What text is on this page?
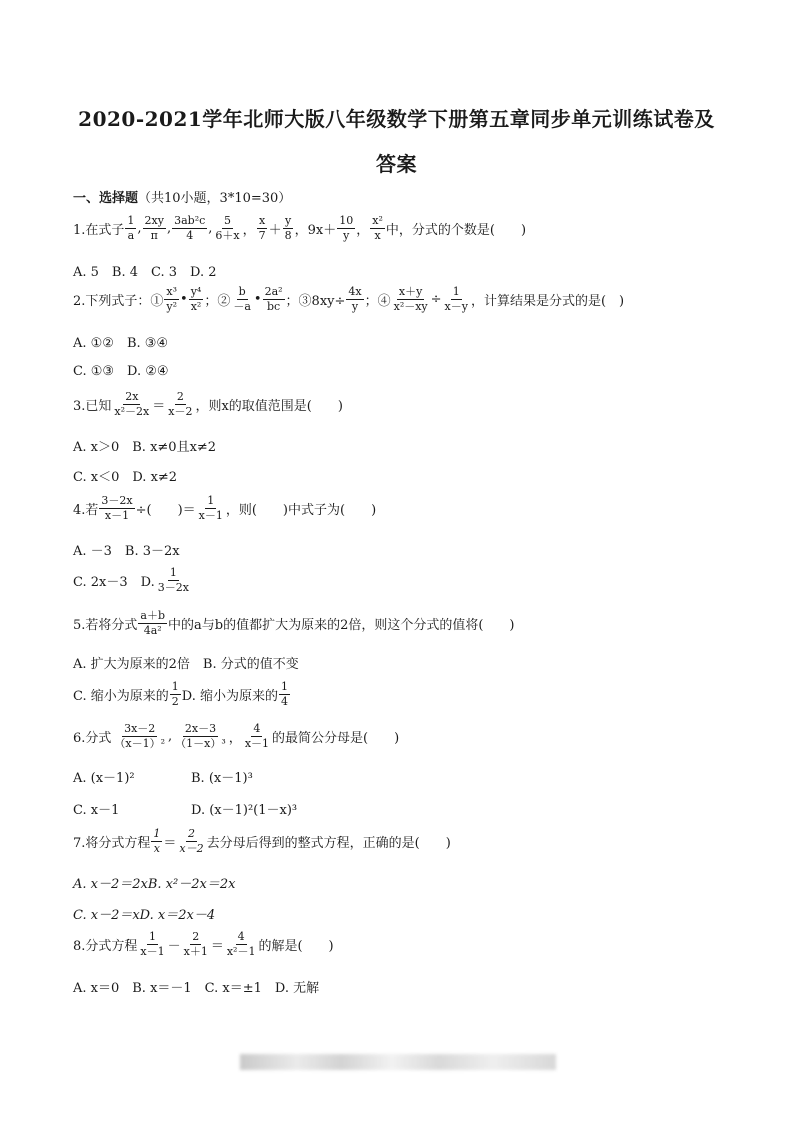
2020-2021学年北师大版八年级数学下册第五章同步单元训练试卷及
答案
一、选择题 （共10小题，3*10=30）
1.在式子 $\frac{1}{a}$ , $\frac{2xy}{\pi}$ , $\frac{\text{3ab²c}}{4}$ , $\frac{5}{6+x}$ ， $\frac{x}{7} + \frac{y}{8}$ ，$9x+ \frac{10}{y}$ ， $\frac{\text{x²}}{x}$ 中，分式的个数是(　　)
A. 5　B. 4　C. 3　D. 2
2.下列式子：① $\frac{\text{x³}}{\text{y²}}$ • $\frac{\text{y⁴}}{\text{x²}}$ ；② $\frac{b}{-a}$ • $\frac{\text{2a²}}{bc}$ ；③8xy÷ $\frac{4x}{y}$ ；④ $\frac{x+y}{\text{x²－xy}} \div \frac{1}{x-y}$ ，计算结果是分式的是(　)
A. ①②　B. ③④
C. ①③　D. ②④
3.已知 $\frac{2x}{\text{x²－2x}} = \frac{2}{x-2}$ ，则x的取值范围是(　　)
A. x＞0　B. x≠0且x≠2
C. x＜0　D. x≠2
4.若 $\frac{3-2x}{x-1}$ ÷(　　)＝ $\frac{1}{x-1}$ ，则(　　)中式子为(　　)
A. －3　B. 3－2x
C. 2x－3　D. $\frac{1}{3-2x}$
5.若将分式 $\frac{a+b}{\text{4a²}}$ 中的a与b的值都扩大为原来的2倍，则这个分式的值将(　　)
A. 扩大为原来的2倍　B. 分式的值不变
C. 缩小为原来的 $\frac{1}{2} D$. 缩小为原来的 $\frac{1}{4}$
6.分式 $\frac{3x-2}{\text{（x－1）²}}$ , $\frac{2x-3}{\text{（1－x）³}}$ ， $\frac{4}{x-1}$ 的最简公分母是(　　)
A. (x－1)²	B. (x－1)³
C. x－1	D. (x－1)²(1－x)³
7.将分式方程 $\frac{1}{x} = \frac{2}{x-2}$ 去分母后得到的整式方程，正确的是(　　)
A. x－2＝2xB. x²－2x＝2x
C. x－2＝xD. x＝2x－4
8.分式方程 $\frac{1}{x-1} - \frac{2}{x+1} = \frac{4}{\text{x²－1}}$ 的解是(　　)
A. x＝0　B. x＝－1　C. x＝±1　D. 无解
